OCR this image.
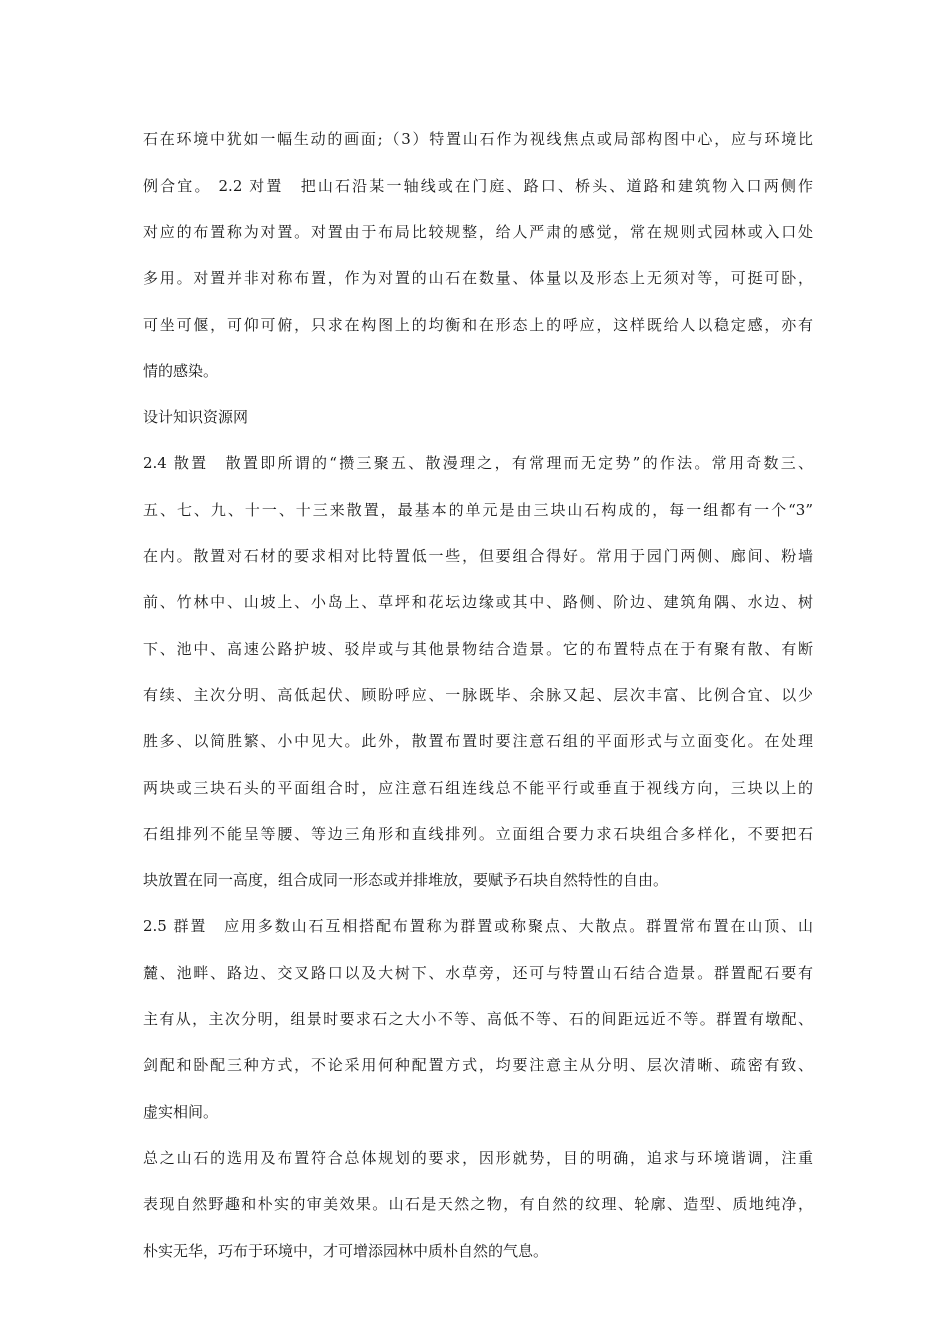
石在环境中犹如一幅生动的画面;（3）特置山石作为视线焦点或局部构图中心，应与环境比
例合宜。 2.2 对置　把山石沿某一轴线或在门庭、路口、桥头、道路和建筑物入口两侧作
对应的布置称为对置。对置由于布局比较规整，给人严肃的感觉，常在规则式园林或入口处
多用。对置并非对称布置，作为对置的山石在数量、体量以及形态上无须对等，可挺可卧，
可坐可偃，可仰可俯，只求在构图上的均衡和在形态上的呼应，这样既给人以稳定感，亦有
情的感染。
设计知识资源网
2.4 散置　散置即所谓的“攒三聚五、散漫理之，有常理而无定势”的作法。常用奇数三、
五、七、九、十一、十三来散置，最基本的单元是由三块山石构成的，每一组都有一个“3”
在内。散置对石材的要求相对比特置低一些，但要组合得好。常用于园门两侧、廊间、粉墙
前、竹林中、山坡上、小岛上、草坪和花坛边缘或其中、路侧、阶边、建筑角隅、水边、树
下、池中、高速公路护坡、驳岸或与其他景物结合造景。它的布置特点在于有聚有散、有断
有续、主次分明、高低起伏、顾盼呼应、一脉既毕、余脉又起、层次丰富、比例合宜、以少
胜多、以简胜繁、小中见大。此外，散置布置时要注意石组的平面形式与立面变化。在处理
两块或三块石头的平面组合时，应注意石组连线总不能平行或垂直于视线方向，三块以上的
石组排列不能呈等腰、等边三角形和直线排列。立面组合要力求石块组合多样化，不要把石
块放置在同一高度，组合成同一形态或并排堆放，要赋予石块自然特性的自由。
2.5 群置　应用多数山石互相搭配布置称为群置或称聚点、大散点。群置常布置在山顶、山
麓、池畔、路边、交叉路口以及大树下、水草旁，还可与特置山石结合造景。群置配石要有
主有从，主次分明，组景时要求石之大小不等、高低不等、石的间距远近不等。群置有墩配、
剑配和卧配三种方式，不论采用何种配置方式，均要注意主从分明、层次清晰、疏密有致、
虚实相间。
总之山石的选用及布置符合总体规划的要求，因形就势，目的明确，追求与环境谐调，注重
表现自然野趣和朴实的审美效果。山石是天然之物，有自然的纹理、轮廓、造型、质地纯净，
朴实无华，巧布于环境中，才可增添园林中质朴自然的气息。
